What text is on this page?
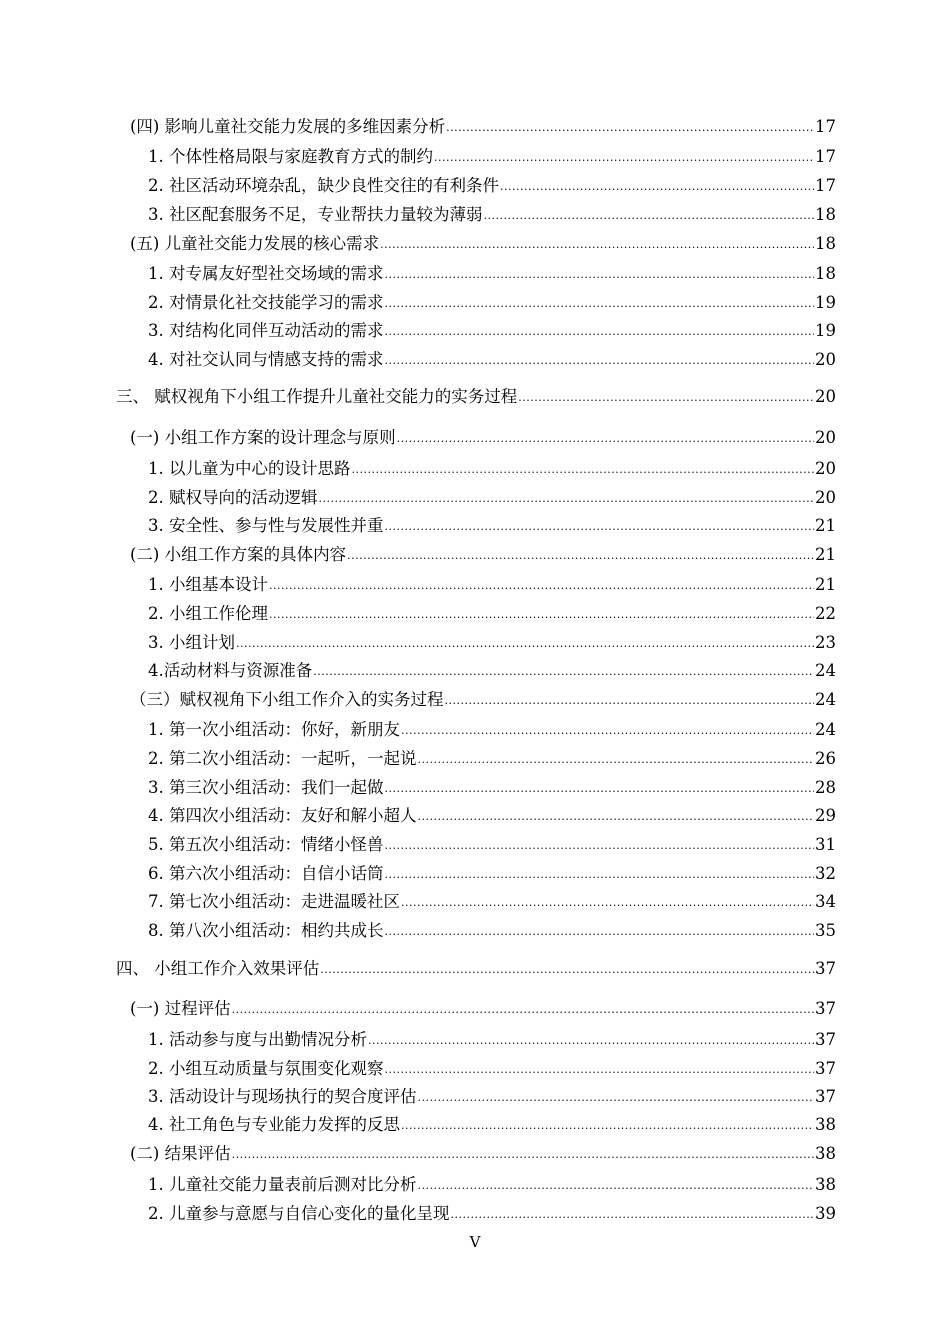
(四) 影响儿童社交能力发展的多维因素分析 .....	17
1. 个体性格局限与家庭教育方式的制约 .....	17
2. 社区活动环境杂乱，缺少良性交往的有利条件 .....	17
3. 社区配套服务不足，专业帮扶力量较为薄弱 .....	18
(五) 儿童社交能力发展的核心需求 .....	18
1. 对专属友好型社交场域的需求 .....	18
2. 对情景化社交技能学习的需求 .....	19
3. 对结构化同伴互动活动的需求 .....	19
4. 对社交认同与情感支持的需求 .....	20
三、 赋权视角下小组工作提升儿童社交能力的实务过程 .....	20
(一) 小组工作方案的设计理念与原则 .....	20
1. 以儿童为中心的设计思路 .....	20
2. 赋权导向的活动逻辑 .....	20
3. 安全性、参与性与发展性并重 .....	21
(二) 小组工作方案的具体内容 .....	21
1. 小组基本设计 .....	21
2. 小组工作伦理 .....	22
3. 小组计划 .....	23
4.活动材料与资源准备 .....	24
（三）赋权视角下小组工作介入的实务过程 .....	24
1. 第一次小组活动：你好，新朋友 .....	24
2. 第二次小组活动：一起听，一起说 .....	26
3. 第三次小组活动：我们一起做 .....	28
4. 第四次小组活动：友好和解小超人 .....	29
5. 第五次小组活动：情绪小怪兽 .....	31
6. 第六次小组活动：自信小话筒 .....	32
7. 第七次小组活动：走进温暖社区 .....	34
8. 第八次小组活动：相约共成长 .....	35
四、 小组工作介入效果评估 .....	37
(一) 过程评估 .....	37
1. 活动参与度与出勤情况分析 .....	37
2. 小组互动质量与氛围变化观察 .....	37
3. 活动设计与现场执行的契合度评估 .....	37
4. 社工角色与专业能力发挥的反思 .....	38
(二) 结果评估 .....	38
1. 儿童社交能力量表前后测对比分析 .....	38
2. 儿童参与意愿与自信心变化的量化呈现 .....	39
V
